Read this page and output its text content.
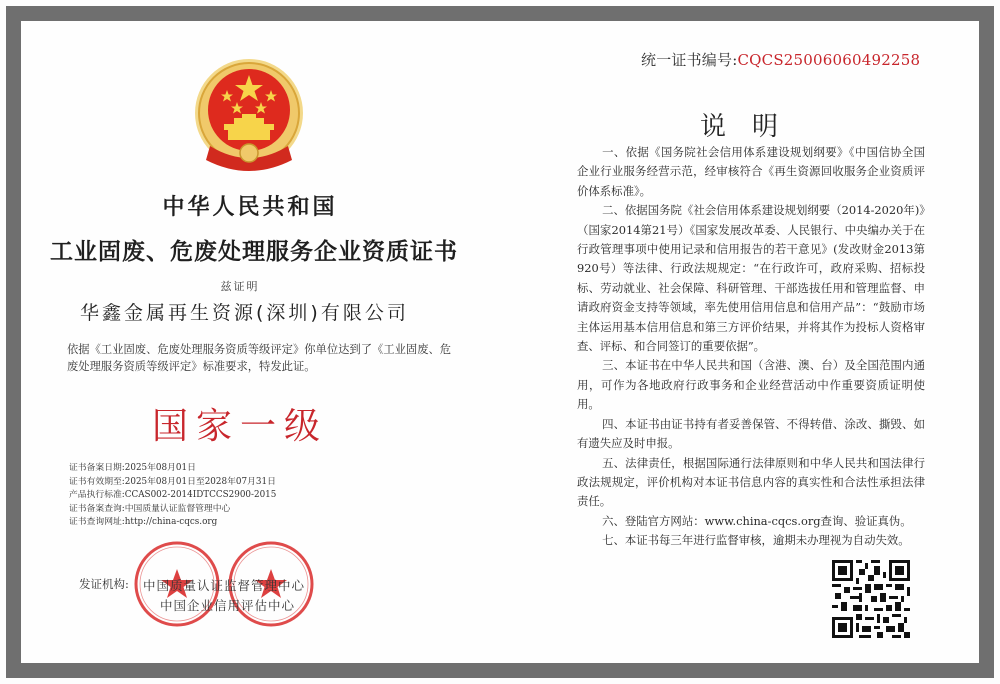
统一证书编号:CQCS25006060492258
中华人民共和国
工业固废、危废处理服务企业资质证书
兹证明
华鑫金属再生资源(深圳)有限公司
依据《工业固废、危废处理服务资质等级评定》你单位达到了《工业固废、危废处理服务资质等级评定》标准要求，特发此证。
国家一级
证书备案日期:2025年08月01日
证书有效期至:2025年08月01日至2028年07月31日
产品执行标准:CCAS002-2014IDTCCS2900-2015
证书备案查询:中国质量认证监督管理中心
证书查询网址:http://china-cqcs.org
发证机构: 中国质量认证监督管理中心
中国企业信用评估中心
说明

一、依据《国务院社会信用体系建设规划纲要》《中国信协全国企业行业服务经营示范，经审核符合《再生资源回收服务企业资质评价体系标准》。

二、依据国务院《社会信用体系建设规划纲要（2014-2020年)》（国家2014第21号）《国家发展改革委、人民银行、中央编办关于在行政管理事项中使用记录和信用报告的若干意见》(发改财金2013第920号）等法律、行政法规规定：“在行政许可，政府采购、招标投标、劳动就业、社会保障、科研管理、干部选拔任用和管理监督、申请政府资金支持等领域，率先使用信用信息和信用产品”：“鼓励市场主体运用基本信用信息和第三方评价结果，并将其作为投标人资格审查、评标、和合同签订的重要依据”。

三、本证书在中华人民共和国（含港、澳、台）及全国范围内通用，可作为各地政府行政事务和企业经营活动中作重要资质证明使用。

四、本证书由证书持有者妥善保管、不得转借、涂改、撕毁、如有遗失应及时申报。

五、法律责任，根据国际通行法律原则和中华人民共和国法律行政法规规定，评价机构对本证书信息内容的真实性和合法性承担法律责任。

六、登陆官方网站：www.china-cqcs.org查询、验证真伪。

七、本证书每三年进行监督审核，逾期未办理视为自动失效。
